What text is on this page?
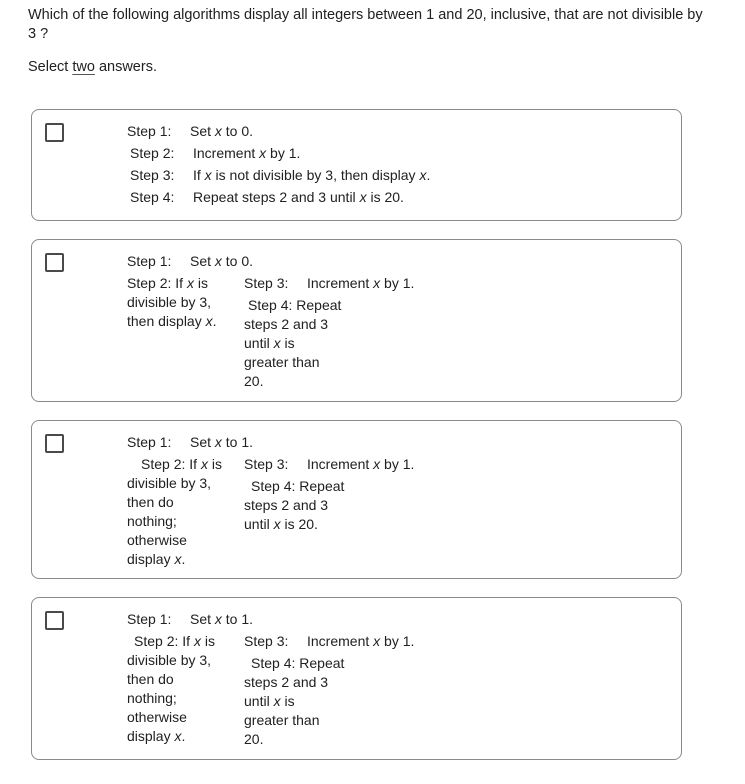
Which of the following algorithms display all integers between 1 and 20, inclusive, that are not divisible by 3 ?
Select two answers.
Step 1: Set x to 0.
Step 2: Increment x by 1.
Step 3: If x is not divisible by 3, then display x.
Step 4: Repeat steps 2 and 3 until x is 20.
Step 1: Set x to 0.
Step 2: If x is
divisible by 3,
then display x.
Step 3: Increment x by 1.
Step 4: Repeat
steps 2 and 3
until x is
greater than
20.
Step 1: Set x to 1.
Step 2: If x is
divisible by 3,
then do
nothing;
otherwise
display x.
Step 3: Increment x by 1.
Step 4: Repeat
steps 2 and 3
until x is 20.
Step 1: Set x to 1.
Step 2: If x is
divisible by 3,
then do
nothing;
otherwise
display x.
Step 3: Increment x by 1.
Step 4: Repeat
steps 2 and 3
until x is
greater than
20.
